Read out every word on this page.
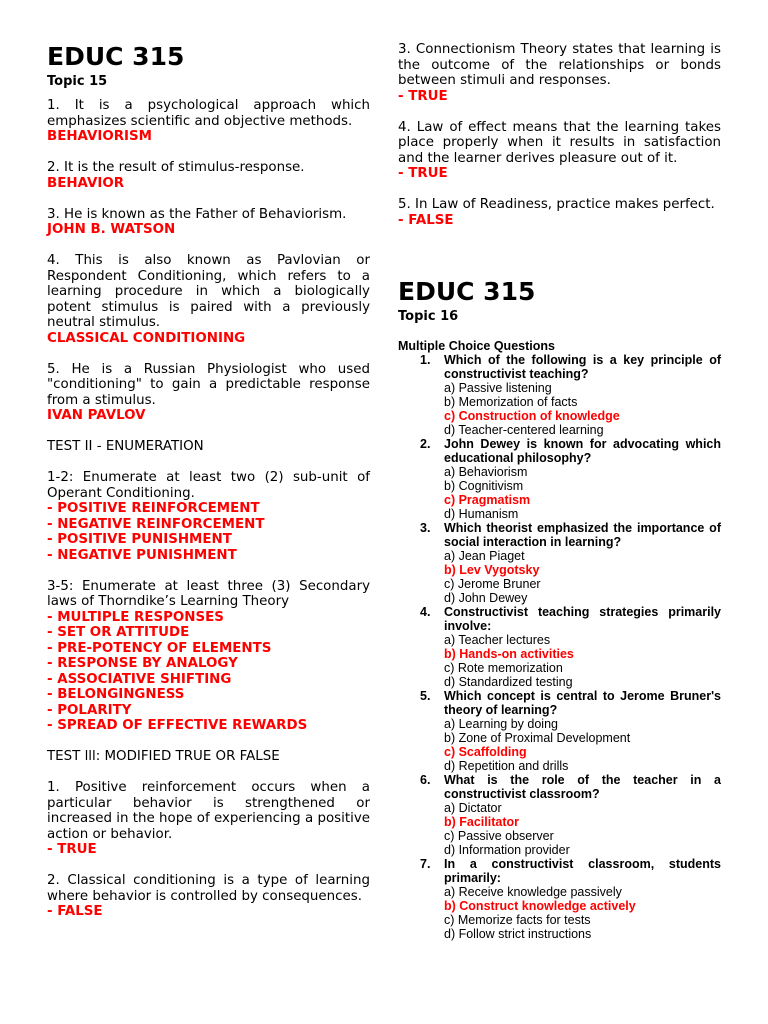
EDUC 315

Topic 15

1. It is a psychological approach which emphasizes scientific and objective methods.

BEHAVIORISM

2. It is the result of stimulus-response.

BEHAVIOR

3. He is known as the Father of Behaviorism.

JOHN B. WATSON

4. This is also known as Pavlovian or Respondent Conditioning, which refers to a learning procedure in which a biologically potent stimulus is paired with a previously neutral stimulus.

CLASSICAL CONDITIONING

5. He is a Russian Physiologist who used "conditioning" to gain a predictable response from a stimulus.

IVAN PAVLOV

TEST II - ENUMERATION

1-2: Enumerate at least two (2) sub-unit of Operant Conditioning.

- POSITIVE REINFORCEMENT

- NEGATIVE REINFORCEMENT

- POSITIVE PUNISHMENT

- NEGATIVE PUNISHMENT

3-5: Enumerate at least three (3) Secondary laws of Thorndike’s Learning Theory

- MULTIPLE RESPONSES

- SET OR ATTITUDE

- PRE-POTENCY OF ELEMENTS

- RESPONSE BY ANALOGY

- ASSOCIATIVE SHIFTING

- BELONGINGNESS

- POLARITY

- SPREAD OF EFFECTIVE REWARDS

TEST lll: MODIFIED TRUE OR FALSE

1. Positive reinforcement occurs when a particular behavior is strengthened or increased in the hope of experiencing a positive action or behavior.

- TRUE

2. Classical conditioning is a type of learning where behavior is controlled by consequences.

- FALSE

3. Connectionism Theory states that learning is the outcome of the relationships or bonds between stimuli and responses.

- TRUE

4. Law of effect means that the learning takes place properly when it results in satisfaction and the learner derives pleasure out of it.

- TRUE

5. In Law of Readiness, practice makes perfect.

- FALSE

EDUC 315

Topic 16

Multiple Choice Questions

1. Which of the following is a key principle of constructivist teaching?

a) Passive listening

b) Memorization of facts

c) Construction of knowledge

d) Teacher-centered learning

2. John Dewey is known for advocating which educational philosophy?

a) Behaviorism

b) Cognitivism

c) Pragmatism

d) Humanism

3. Which theorist emphasized the importance of social interaction in learning?

a) Jean Piaget

b) Lev Vygotsky

c) Jerome Bruner

d) John Dewey

4. Constructivist teaching strategies primarily involve:

a) Teacher lectures

b) Hands-on activities

c) Rote memorization

d) Standardized testing

5. Which concept is central to Jerome Bruner's theory of learning?

a) Learning by doing

b) Zone of Proximal Development

c) Scaffolding

d) Repetition and drills

6. What is the role of the teacher in a constructivist classroom?

a) Dictator

b) Facilitator

c) Passive observer

d) Information provider

7. In a constructivist classroom, students primarily:

a) Receive knowledge passively

b) Construct knowledge actively

c) Memorize facts for tests

d) Follow strict instructions
